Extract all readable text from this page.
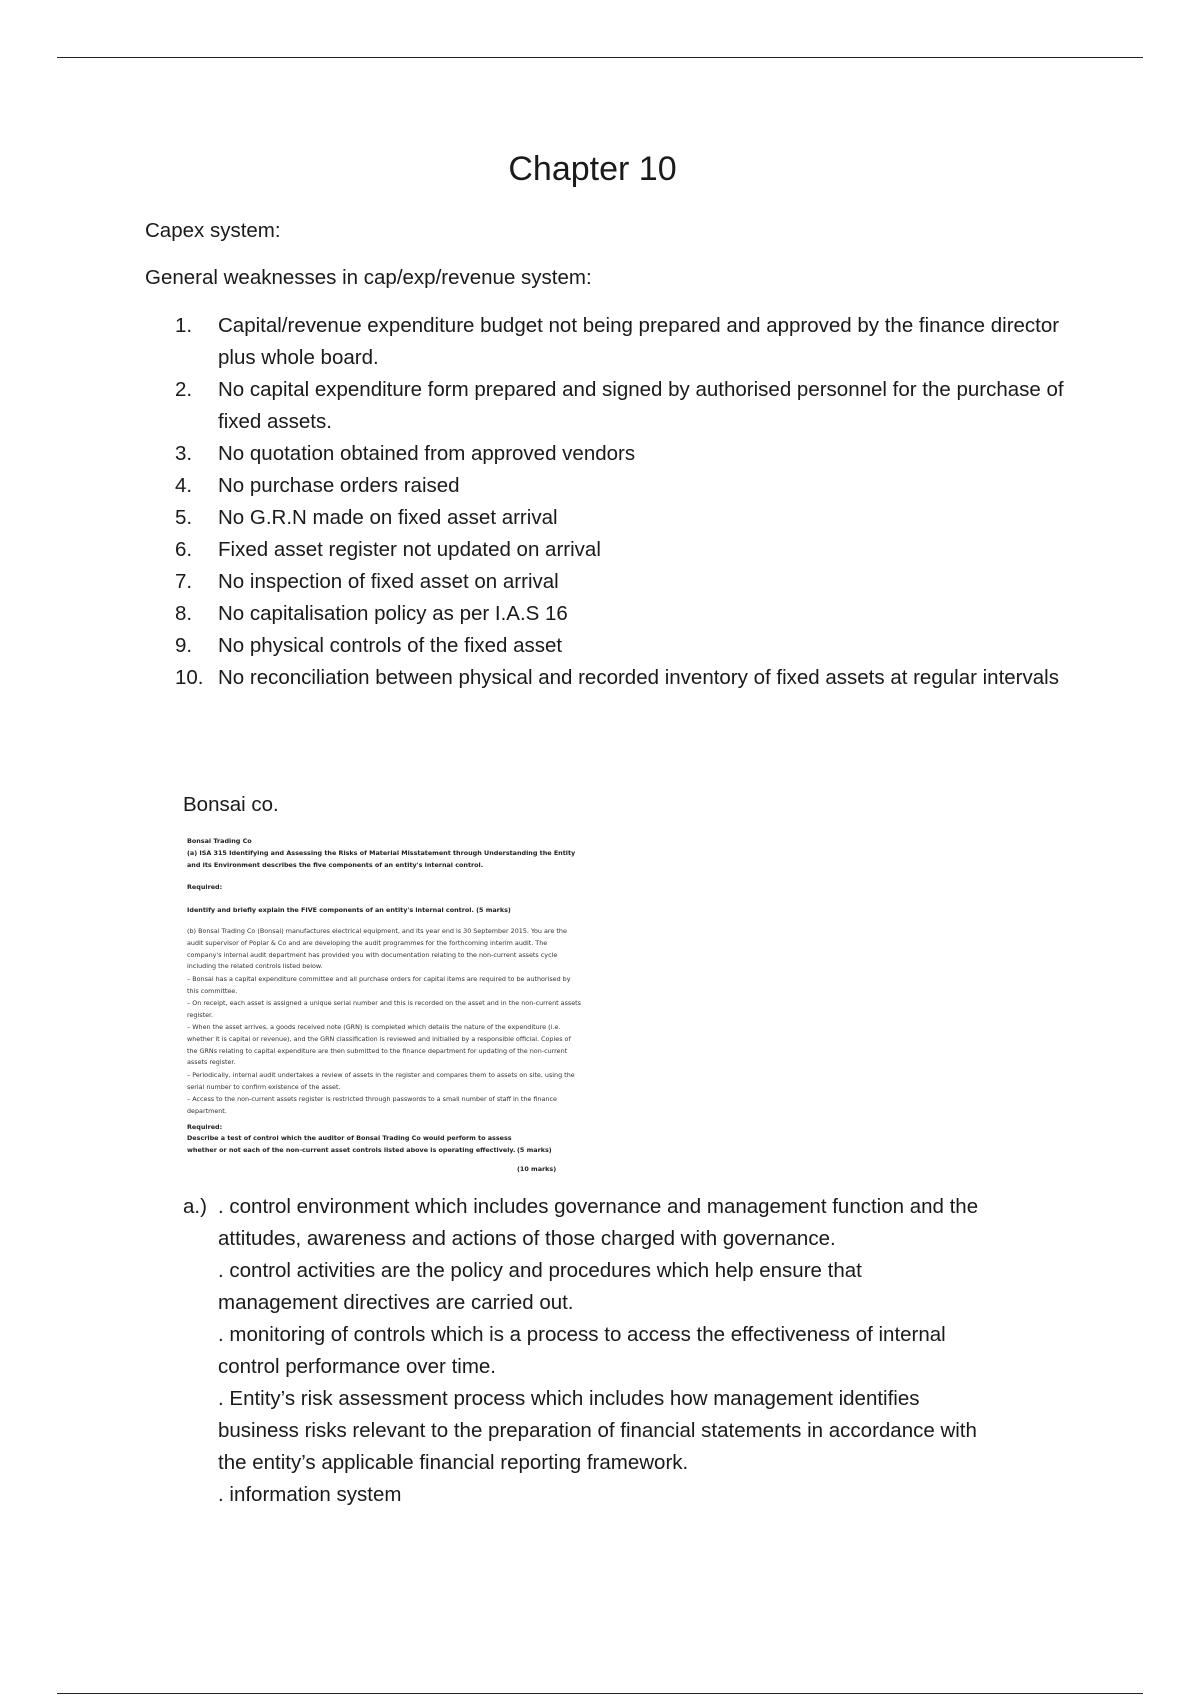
Chapter 10
Capex system:
General weaknesses in cap/exp/revenue system:
1.	Capital/revenue expenditure budget not being prepared and approved by the finance director plus whole board.
2.	No capital expenditure form prepared and signed by authorised personnel for the purchase of fixed assets.
3.	No quotation obtained from approved vendors
4.	No purchase orders raised
5.	No G.R.N made on fixed asset arrival
6.	Fixed asset register not updated on arrival
7.	No inspection of fixed asset on arrival
8.	No capitalisation policy as per I.A.S 16
9.	No physical controls of the fixed asset
10. No reconciliation between physical and recorded inventory of fixed assets at regular intervals
Bonsai co.
Bonsai Trading Co
(a) ISA 315 Identifying and Assessing the Risks of Material Misstatement through Understanding the Entity and its Environment describes the five components of an entity's internal control.
Required:
Identify and briefly explain the FIVE components of an entity's internal control. (5 marks)
(b) Bonsai Trading Co (Bonsai) manufactures electrical equipment, and its year end is 30 September 2015. You are the audit supervisor of Poplar & Co and are developing the audit programmes for the forthcoming interim audit. The company's internal audit department has provided you with documentation relating to the non-current assets cycle including the related controls listed below.
– Bonsai has a capital expenditure committee and all purchase orders for capital items are required to be authorised by this committee.
– On receipt, each asset is assigned a unique serial number and this is recorded on the asset and in the non-current assets register.
– When the asset arrives, a goods received note (GRN) is completed which details the nature of the expenditure (i.e. whether it is capital or revenue), and the GRN classification is reviewed and initialled by a responsible official. Copies of the GRNs relating to capital expenditure are then submitted to the finance department for updating of the non-current assets register.
– Periodically, internal audit undertakes a review of assets in the register and compares them to assets on site, using the serial number to confirm existence of the asset.
– Access to the non-current assets register is restricted through passwords to a small number of staff in the finance department.
Required:
Describe a test of control which the auditor of Bonsai Trading Co would perform to assess whether or not each of the non-current asset controls listed above is operating effectively. (5 marks)
(10 marks)
a.) . control environment which includes governance and management function and the
attitudes, awareness and actions of those charged with governance.
. control activities are the policy and procedures which help ensure that
management directives are carried out.
. monitoring of controls which is a process to access the effectiveness of internal
control performance over time.
. Entity’s risk assessment process which includes how management identifies
business risks relevant to the preparation of financial statements in accordance with
the entity’s applicable financial reporting framework.
. information system
